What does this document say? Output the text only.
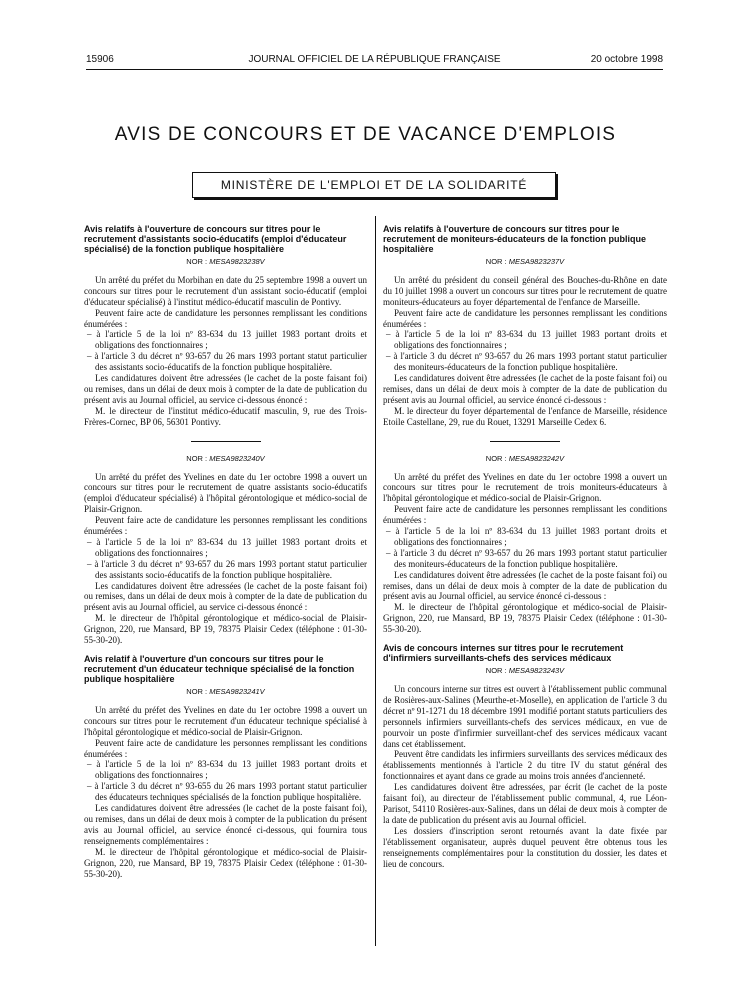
15906	JOURNAL OFFICIEL DE LA RÉPUBLIQUE FRANÇAISE	20 octobre 1998
AVIS DE CONCOURS ET DE VACANCE D'EMPLOIS
MINISTÈRE DE L'EMPLOI ET DE LA SOLIDARITÉ
Avis relatifs à l'ouverture de concours sur titres pour le recrutement d'assistants socio-éducatifs (emploi d'éducateur spécialisé) de la fonction publique hospitalière
NOR : MESA9823238V

Un arrêté du préfet du Morbihan en date du 25 septembre 1998 a ouvert un concours sur titres pour le recrutement d'un assistant socio-éducatif (emploi d'éducateur spécialisé) à l'institut médico-éducatif masculin de Pontivy.

Peuvent faire acte de candidature les personnes remplissant les conditions énumérées :

– à l'article 5 de la loi nº 83-634 du 13 juillet 1983 portant droits et obligations des fonctionnaires ;

– à l'article 3 du décret nº 93-657 du 26 mars 1993 portant statut particulier des assistants socio-éducatifs de la fonction publique hospitalière.

Les candidatures doivent être adressées (le cachet de la poste faisant foi) ou remises, dans un délai de deux mois à compter de la date de publication du présent avis au Journal officiel, au service ci-dessous énoncé :

M. le directeur de l'institut médico-éducatif masculin, 9, rue des Trois-Frères-Cornec, BP 06, 56301 Pontivy.

NOR : MESA9823240V

Un arrêté du préfet des Yvelines en date du 1er octobre 1998 a ouvert un concours sur titres pour le recrutement de quatre assistants socio-éducatifs (emploi d'éducateur spécialisé) à l'hôpital gérontologique et médico-social de Plaisir-Grignon.

Peuvent faire acte de candidature les personnes remplissant les conditions énumérées :

– à l'article 5 de la loi nº 83-634 du 13 juillet 1983 portant droits et obligations des fonctionnaires ;

– à l'article 3 du décret nº 93-657 du 26 mars 1993 portant statut particulier des assistants socio-éducatifs de la fonction publique hospitalière.

Les candidatures doivent être adressées (le cachet de la poste faisant foi) ou remises, dans un délai de deux mois à compter de la date de publication du présent avis au Journal officiel, au service ci-dessous énoncé :

M. le directeur de l'hôpital gérontologique et médico-social de Plaisir-Grignon, 220, rue Mansard, BP 19, 78375 Plaisir Cedex (téléphone : 01-30-55-30-20).

Avis relatif à l'ouverture d'un concours sur titres pour le recrutement d'un éducateur technique spécialisé de la fonction publique hospitalière
NOR : MESA9823241V

Un arrêté du préfet des Yvelines en date du 1er octobre 1998 a ouvert un concours sur titres pour le recrutement d'un éducateur technique spécialisé à l'hôpital gérontologique et médico-social de Plaisir-Grignon.

Peuvent faire acte de candidature les personnes remplissant les conditions énumérées :

– à l'article 5 de la loi nº 83-634 du 13 juillet 1983 portant droits et obligations des fonctionnaires ;

– à l'article 3 du décret nº 93-655 du 26 mars 1993 portant statut particulier des éducateurs techniques spécialisés de la fonction publique hospitalière.

Les candidatures doivent être adressées (le cachet de la poste faisant foi), ou remises, dans un délai de deux mois à compter de la publication du présent avis au Journal officiel, au service énoncé ci-dessous, qui fournira tous renseignements complémentaires :

M. le directeur de l'hôpital gérontologique et médico-social de Plaisir-Grignon, 220, rue Mansard, BP 19, 78375 Plaisir Cedex (téléphone : 01-30-55-30-20).

Avis relatifs à l'ouverture de concours sur titres pour le recrutement de moniteurs-éducateurs de la fonction publique hospitalière
NOR : MESA9823237V

Un arrêté du président du conseil général des Bouches-du-Rhône en date du 10 juillet 1998 a ouvert un concours sur titres pour le recrutement de quatre moniteurs-éducateurs au foyer départemental de l'enfance de Marseille.

Peuvent faire acte de candidature les personnes remplissant les conditions énumérées :

– à l'article 5 de la loi nº 83-634 du 13 juillet 1983 portant droits et obligations des fonctionnaires ;

– à l'article 3 du décret nº 93-657 du 26 mars 1993 portant statut particulier des moniteurs-éducateurs de la fonction publique hospitalière.

Les candidatures doivent être adressées (le cachet de la poste faisant foi) ou remises, dans un délai de deux mois à compter de la date de publication du présent avis au Journal officiel, au service énoncé ci-dessous :

M. le directeur du foyer départemental de l'enfance de Marseille, résidence Etoile Castellane, 29, rue du Rouet, 13291 Marseille Cedex 6.

NOR : MESA9823242V

Un arrêté du préfet des Yvelines en date du 1er octobre 1998 a ouvert un concours sur titres pour le recrutement de trois moniteurs-éducateurs à l'hôpital gérontologique et médico-social de Plaisir-Grignon.

Peuvent faire acte de candidature les personnes remplissant les conditions énumérées :

– à l'article 5 de la loi nº 83-634 du 13 juillet 1983 portant droits et obligations des fonctionnaires ;

– à l'article 3 du décret nº 93-657 du 26 mars 1993 portant statut particulier des moniteurs-éducateurs de la fonction publique hospitalière.

Les candidatures doivent être adressées (le cachet de la poste faisant foi) ou remises, dans un délai de deux mois à compter de la date de publication du présent avis au Journal officiel, au service énoncé ci-dessous :

M. le directeur de l'hôpital gérontologique et médico-social de Plaisir-Grignon, 220, rue Mansard, BP 19, 78375 Plaisir Cedex (téléphone : 01-30-55-30-20).

Avis de concours internes sur titres pour le recrutement d'infirmiers surveillants-chefs des services médicaux
NOR : MESA9823243V

Un concours interne sur titres est ouvert à l'établissement public communal de Rosières-aux-Salines (Meurthe-et-Moselle), en application de l'article 3 du décret nº 91-1271 du 18 décembre 1991 modifié portant statuts particuliers des personnels infirmiers surveillants-chefs des services médicaux, en vue de pourvoir un poste d'infirmier surveillant-chef des services médicaux vacant dans cet établissement.

Peuvent être candidats les infirmiers surveillants des services médicaux des établissements mentionnés à l'article 2 du titre IV du statut général des fonctionnaires et ayant dans ce grade au moins trois années d'ancienneté.

Les candidatures doivent être adressées, par écrit (le cachet de la poste faisant foi), au directeur de l'établissement public communal, 4, rue Léon-Parisot, 54110 Rosières-aux-Salines, dans un délai de deux mois à compter de la date de publication du présent avis au Journal officiel.

Les dossiers d'inscription seront retournés avant la date fixée par l'établissement organisateur, auprès duquel peuvent être obtenus tous les renseignements complémentaires pour la constitution du dossier, les dates et lieu de concours.
